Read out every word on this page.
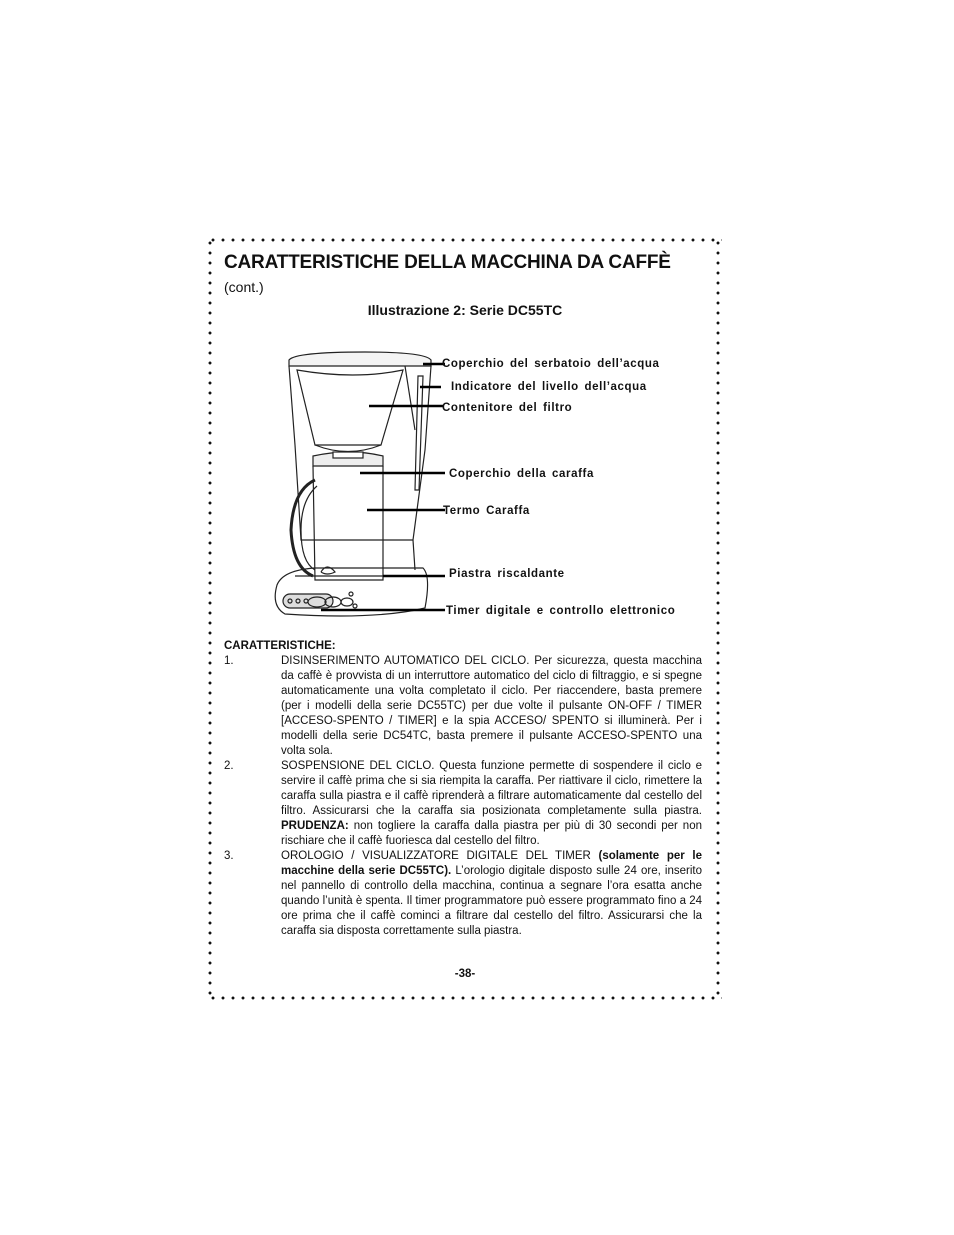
CARATTERISTICHE DELLA MACCHINA DA CAFFÈ
(cont.)
Illustrazione 2: Serie DC55TC
Coperchio del serbatoio dell’acqua
Indicatore del livello dell’acqua
Contenitore del filtro
Coperchio della caraffa
Termo Caraffa
Piastra riscaldante
Timer digitale e controllo elettronico
CARATTERISTICHE:
1.	DISINSERIMENTO AUTOMATICO DEL CICLO. Per sicurezza, questa macchina da caffè è provvista di un interruttore automatico del ciclo di filtraggio, e si spegne automaticamente una volta completato il ciclo. Per riaccendere, basta premere (per i modelli della serie DC55TC) per due volte il pulsante ON-OFF / TIMER [ACCESO-SPENTO / TIMER] e la spia ACCESO/ SPENTO si illuminerà. Per i modelli della serie DC54TC, basta premere il pulsante ACCESO-SPENTO una volta sola.
2.	SOSPENSIONE DEL CICLO. Questa funzione permette di sospendere il ciclo e servire il caffè prima che si sia riempita la caraffa. Per riattivare il ciclo, rimettere la caraffa sulla piastra e il caffè riprenderà a filtrare automaticamente dal cestello del filtro. Assicurarsi che la caraffa sia posizionata completamente sulla piastra. PRUDENZA: non togliere la caraffa dalla piastra per più di 30 secondi per non rischiare che il caffè fuoriesca dal cestello del filtro.
3.	OROLOGIO / VISUALIZZATORE DIGITALE DEL TIMER (solamente per le macchine della serie DC55TC). L’orologio digitale disposto sulle 24 ore, inserito nel pannello di controllo della macchina, continua a segnare l’ora esatta anche quando l’unità è spenta. Il timer programmatore può essere programmato fino a 24 ore prima che il caffè cominci a filtrare dal cestello del filtro. Assicurarsi che la caraffa sia disposta correttamente sulla piastra.
-38-
